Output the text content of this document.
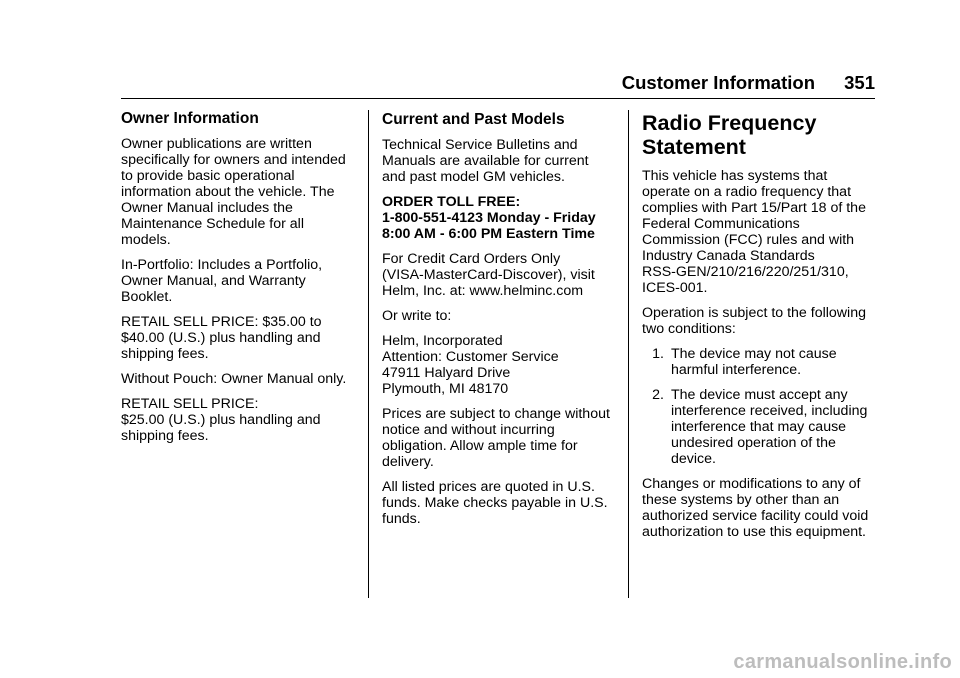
Customer Information	351
Owner Information

Owner publications are written
specifically for owners and intended
to provide basic operational
information about the vehicle. The
Owner Manual includes the
Maintenance Schedule for all
models.

In-Portfolio: Includes a Portfolio,
Owner Manual, and Warranty
Booklet.

RETAIL SELL PRICE: $35.00 to
$40.00 (U.S.) plus handling and
shipping fees.

Without Pouch: Owner Manual only.

RETAIL SELL PRICE:
$25.00 (U.S.) plus handling and
shipping fees.

Current and Past Models

Technical Service Bulletins and
Manuals are available for current
and past model GM vehicles.

ORDER TOLL FREE:
1-800-551-4123 Monday - Friday
8:00 AM - 6:00 PM Eastern Time

For Credit Card Orders Only
(VISA-MasterCard-Discover), visit
Helm, Inc. at: www.helminc.com

Or write to:

Helm, Incorporated
Attention: Customer Service
47911 Halyard Drive
Plymouth, MI 48170

Prices are subject to change without
notice and without incurring
obligation. Allow ample time for
delivery.

All listed prices are quoted in U.S.
funds. Make checks payable in U.S.
funds.

Radio Frequency
Statement

This vehicle has systems that
operate on a radio frequency that
complies with Part 15/Part 18 of the
Federal Communications
Commission (FCC) rules and with
Industry Canada Standards
RSS-GEN/210/216/220/251/310,
ICES-001.

Operation is subject to the following
two conditions:

1. The device may not cause
harmful interference.
2. The device must accept any
interference received, including
interference that may cause
undesired operation of the
device.

Changes or modifications to any of
these systems by other than an
authorized service facility could void
authorization to use this equipment.

carmanualsonline.info
